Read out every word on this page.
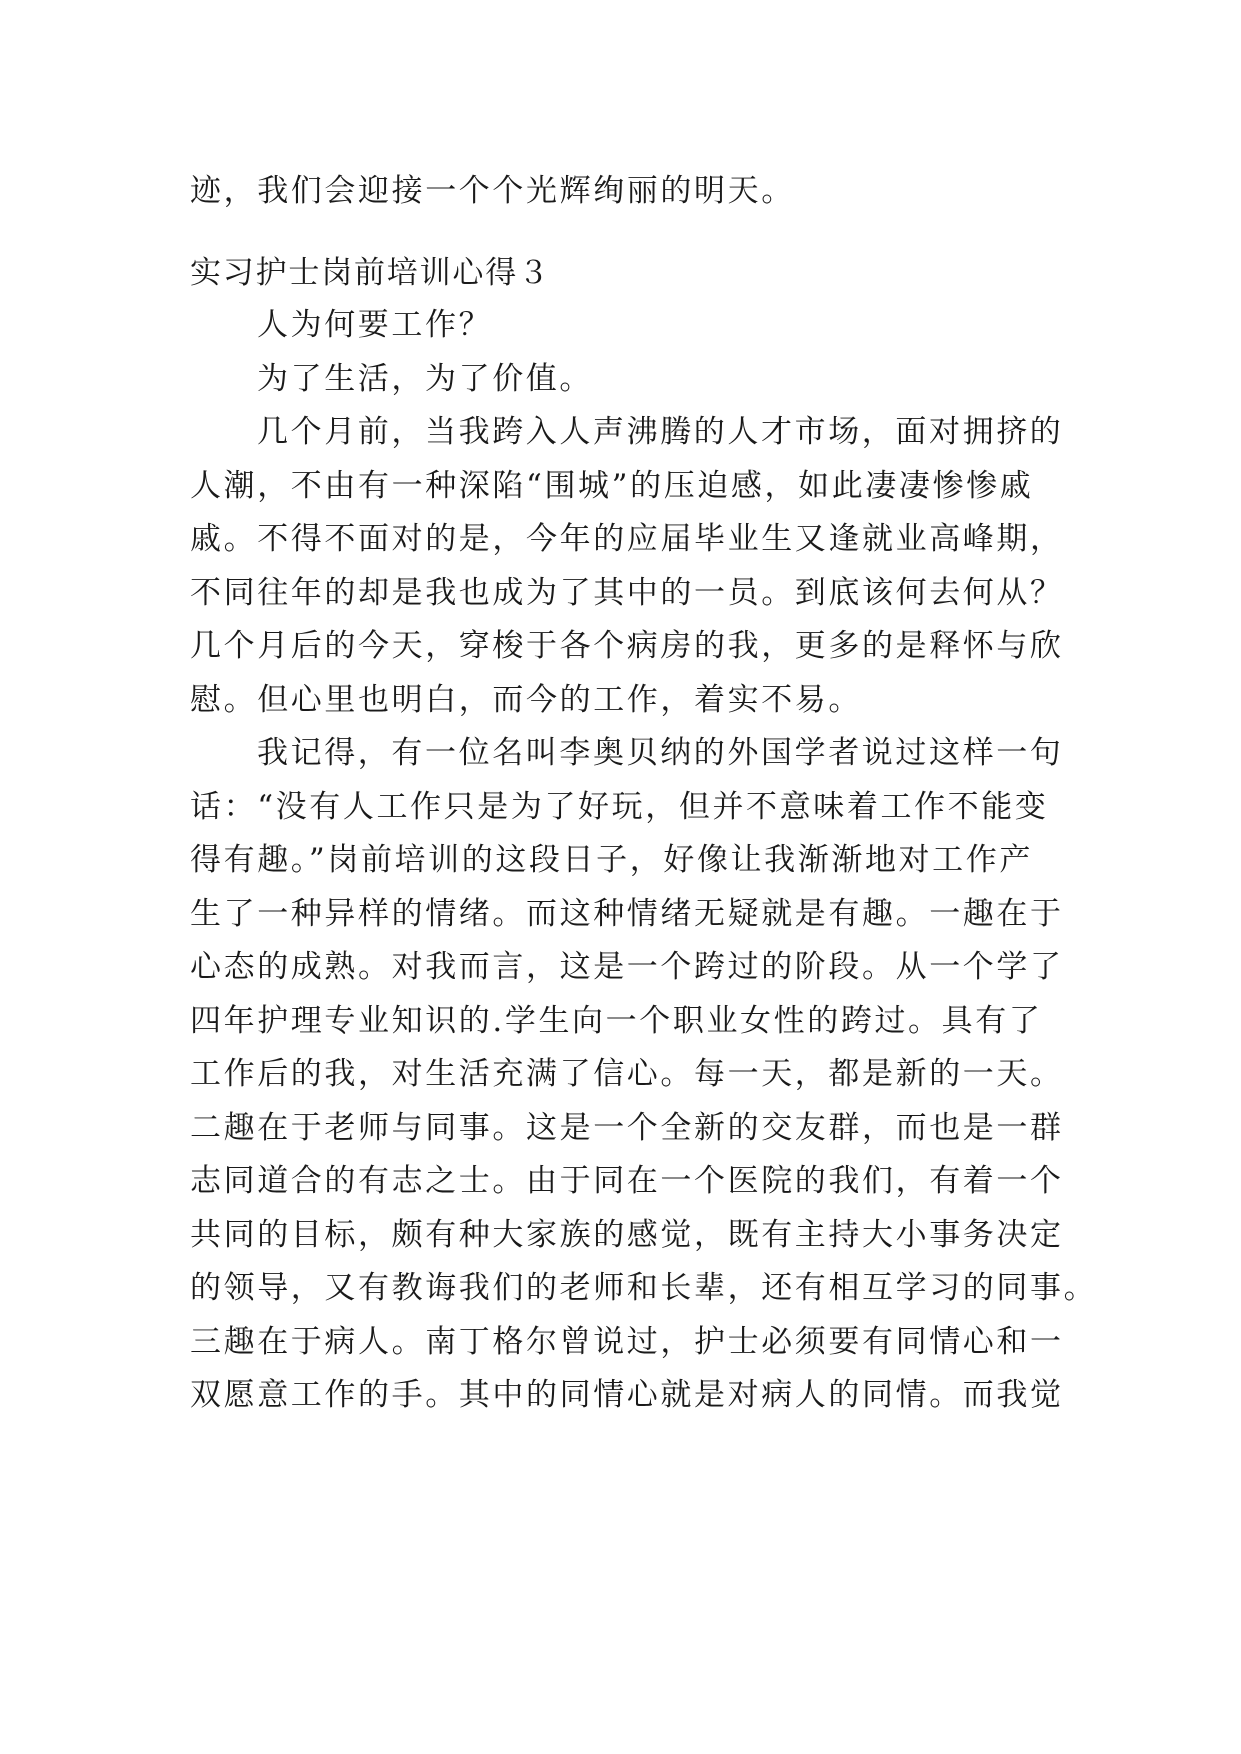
迹，我们会迎接一个个光辉绚丽的明天。
实习护士岗前培训心得３
人为何要工作？
为了生活，为了价值。
几个月前，当我跨入人声沸腾的人才市场，面对拥挤的
人潮，不由有一种深陷“围城”的压迫感，如此凄凄惨惨戚
戚。不得不面对的是，今年的应届毕业生又逢就业高峰期，
不同往年的却是我也成为了其中的一员。到底该何去何从？
几个月后的今天，穿梭于各个病房的我，更多的是释怀与欣
慰。但心里也明白，而今的工作，着实不易。
我记得，有一位名叫李奥贝纳的外国学者说过这样一句
话：“没有人工作只是为了好玩，但并不意味着工作不能变
得有趣。”岗前培训的这段日子，好像让我渐渐地对工作产
生了一种异样的情绪。而这种情绪无疑就是有趣。一趣在于
心态的成熟。对我而言，这是一个跨过的阶段。从一个学了
四年护理专业知识的.学生向一个职业女性的跨过。具有了
工作后的我，对生活充满了信心。每一天，都是新的一天。
二趣在于老师与同事。这是一个全新的交友群，而也是一群
志同道合的有志之士。由于同在一个医院的我们，有着一个
共同的目标，颇有种大家族的感觉，既有主持大小事务决定
的领导，又有教诲我们的老师和长辈，还有相互学习的同事。
三趣在于病人。南丁格尔曾说过，护士必须要有同情心和一
双愿意工作的手。其中的同情心就是对病人的同情。而我觉
